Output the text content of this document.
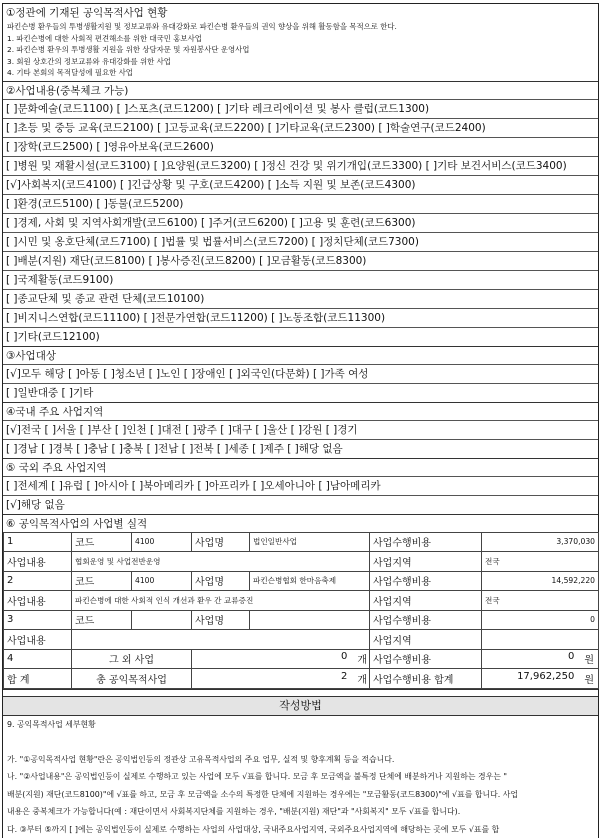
①정관에 기재된 공익목적사업 현황
파킨슨병 환우들의 투병생활지원 및 정보교류와 유대강화로 파킨슨병 환우들의 권익 향상을 위해 활동함을 목적으로 한다.
1. 파킨슨병에 대한 사회적 편견해소를 위한 대국민 홍보사업
2. 파킨슨병 환우의 투병생활 지원을 위한 상담자문 및 자원봉사단 운영사업
3. 회원 상호간의 정보교류와 유대강화를 위한 사업
4. 기타 본회의 목적달성에 필요한 사업
②사업내용(중복체크 가능)
[ ]문화예술(코드1100) [ ]스포츠(코드1200) [ ]기타 레크리에이션 및 봉사 클럽(코드1300)
[ ]초등 및 중등 교육(코드2100) [ ]고등교육(코드2200) [ ]기타교육(코드2300) [ ]학술연구(코드2400)
[ ]장학(코드2500) [ ]영유아보육(코드2600)
[ ]병원 및 재활시설(코드3100) [ ]요양원(코드3200) [ ]정신 건강 및 위기개입(코드3300) [ ]기타 보건서비스(코드3400)
[√]사회복지(코드4100) [ ]긴급상황 및 구호(코드4200) [ ]소득 지원 및 보존(코드4300)
[ ]환경(코드5100) [ ]동물(코드5200)
[ ]경제, 사회 및 지역사회개발(코드6100) [ ]주거(코드6200) [ ]고용 및 훈련(코드6300)
[ ]시민 및 옹호단체(코드7100) [ ]법률 및 법률서비스(코드7200) [ ]정치단체(코드7300)
[ ]배분(지원) 재단(코드8100) [ ]봉사증진(코드8200) [ ]모금활동(코드8300)
[ ]국제활동(코드9100)
[ ]종교단체 및 종교 관련 단체(코드10100)
[ ]비지니스연합(코드11100) [ ]전문가연합(코드11200) [ ]노동조합(코드11300)
[ ]기타(코드12100)
③사업대상
[√]모두 해당 [ ]아동 [ ]청소년 [ ]노인 [ ]장애인 [ ]외국인(다문화) [ ]가족 여성
[ ]일반대중 [ ]기타
④국내 주요 사업지역
[√]전국 [ ]서울 [ ]부산 [ ]인천 [ ]대전 [ ]광주 [ ]대구 [ ]울산 [ ]강원 [ ]경기
[ ]경남 [ ]경북 [ ]충남 [ ]충북 [ ]전남 [ ]전북 [ ]세종 [ ]제주 [ ]해당 없음
⑤ 국외 주요 사업지역
[ ]전세계 [ ]유럽 [ ]아시아 [ ]북아메리카 [ ]아프리카 [ ]오세아니아 [ ]남아메리카
[√]해당 없음
⑥ 공익목적사업의 사업별 실적
1	코드	4100	사업명	법인일반사업	사업수행비용	3,370,030
사업내용	협회운영 및 사업전반운영				사업지역	전국
2	코드	4100	사업명	파킨슨병협회 한마음축제	사업수행비용	14,592,220
사업내용	파킨슨병에 대한 사회적 인식 개선과 환우 간 교류증진				사업지역	전국
3	코드		사업명		사업수행비용	0
사업내용					사업지역	
4	그 외 사업		0 개		사업수행비용	0 원

합 계	총 공익목적사업		2 개		사업수행비용 합계	17,962,250 원
작성방법
9. 공익목적사업 세부현황

가. "①공익목적사업 현황"란은 공익법인등의 정관상 고유목적사업의 주요 업무, 실적 및 향후계획 등을 적습니다.
나. "②사업내용"은 공익법인등이 실제로 수행하고 있는 사업에 모두 √표를 합니다. 모금 후 모금액을 불특정 단체에 배분하거나 지원하는 경우는 "
배분(지원) 재단(코드8100)"에 √표를 하고, 모금 후 모금액을 소수의 특정한 단체에 지원하는 경우에는 "모금활동(코드8300)"에 √표를 합니다. 사업
내용은 중복체크가 가능합니다(예 : 재단이면서 사회복지단체를 지원하는 경우, "배분(지원) 재단"과 "사회복지" 모두 √표를 합니다).
다. ③부터 ⑤까지 [ ]에는 공익법인등이 실제로 수행하는 사업의 사업대상, 국내주요사업지역, 국외주요사업지역에 해당하는 곳에 모두 √표를 합
